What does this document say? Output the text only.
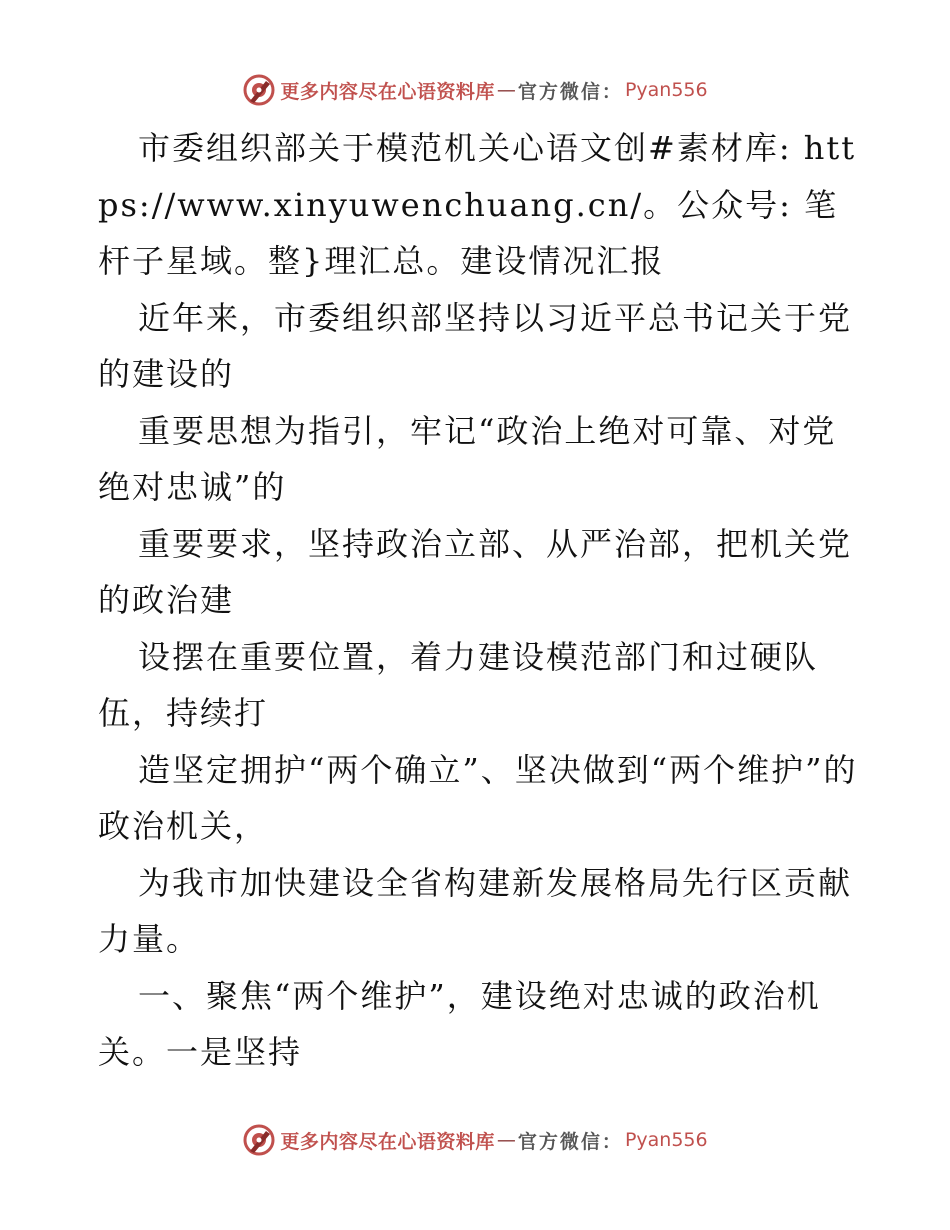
更多内容尽在心语资料库 — 官方微信： Pyan556

市委组织部关于模范机关心语文创#素材库: https://www.xinyuwenchuang.cn/。公众号: 笔杆子星域。整}理汇总。建设情况汇报

近年来，市委组织部坚持以习近平总书记关于党的建设的

重要思想为指引，牢记“政治上绝对可靠、对党绝对忠诚”的

重要要求，坚持政治立部、从严治部，把机关党的政治建

设摆在重要位置，着力建设模范部门和过硬队伍，持续打

造坚定拥护“两个确立”、坚决做到“两个维护”的政治机关，

为我市加快建设全省构建新发展格局先行区贡献力量。

一、聚焦“两个维护”，建设绝对忠诚的政治机关。一是坚持

更多内容尽在心语资料库 — 官方微信： Pyan556
